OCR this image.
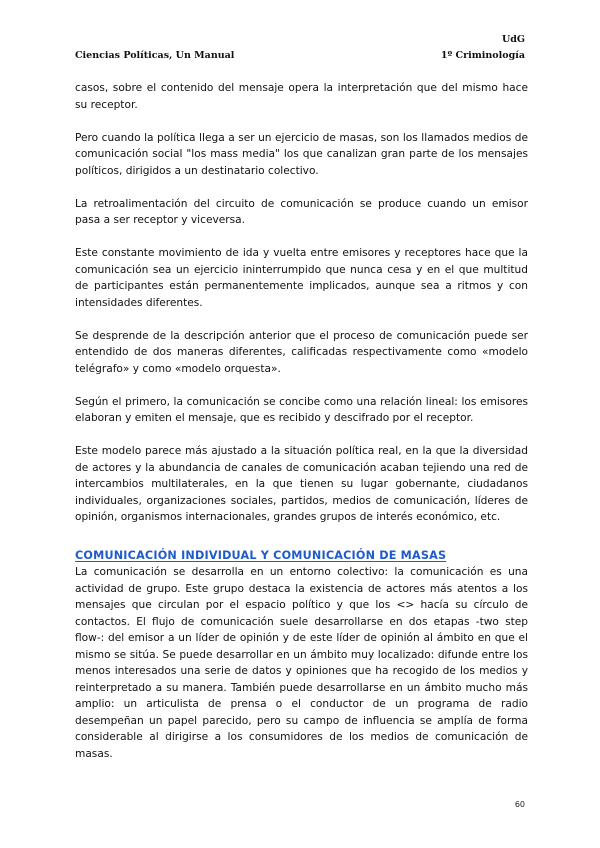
UdG
Ciencias Políticas, Un Manual	1º Criminología

casos, sobre el contenido del mensaje opera la interpretación que del mismo hace su receptor.

Pero cuando la política llega a ser un ejercicio de masas, son los llamados medios de comunicación social "los mass media" los que canalizan gran parte de los mensajes políticos, dirigidos a un destinatario colectivo.

La retroalimentación del circuito de comunicación se produce cuando un emisor pasa a ser receptor y viceversa.

Este constante movimiento de ida y vuelta entre emisores y receptores hace que la comunicación sea un ejercicio ininterrumpido que nunca cesa y en el que multitud de participantes están permanentemente implicados, aunque sea a ritmos y con intensidades diferentes.

Se desprende de la descripción anterior que el proceso de comunicación puede ser entendido de dos maneras diferentes, calificadas respectivamente como «modelo telégrafo» y como «modelo orquesta».

Según el primero, la comunicación se concibe como una relación lineal: los emisores elaboran y emiten el mensaje, que es recibido y descifrado por el receptor.

Este modelo parece más ajustado a la situación política real, en la que la diversidad de actores y la abundancia de canales de comunicación acaban tejiendo una red de intercambios multilaterales, en la que tienen su lugar gobernante, ciudadanos individuales, organizaciones sociales, partidos, medios de comunicación, líderes de opinión, organismos internacionales, grandes grupos de interés económico, etc.

COMUNICACIÓN INDIVIDUAL Y COMUNICACIÓN DE MASAS

La comunicación se desarrolla en un entorno colectivo: la comunicación es una actividad de grupo. Este grupo destaca la existencia de actores más atentos a los mensajes que circulan por el espacio político y que los <> hacía su círculo de contactos. El flujo de comunicación suele desarrollarse en dos etapas -two step flow-: del emisor a un líder de opinión y de este líder de opinión al ámbito en que el mismo se sitúa. Se puede desarrollar en un ámbito muy localizado: difunde entre los menos interesados una serie de datos y opiniones que ha recogido de los medios y reinterpretado a su manera. También puede desarrollarse en un ámbito mucho más amplio: un articulista de prensa o el conductor de un programa de radio desempeñan un papel parecido, pero su campo de influencia se amplía de forma considerable al dirigirse a los consumidores de los medios de comunicación de masas.

60
